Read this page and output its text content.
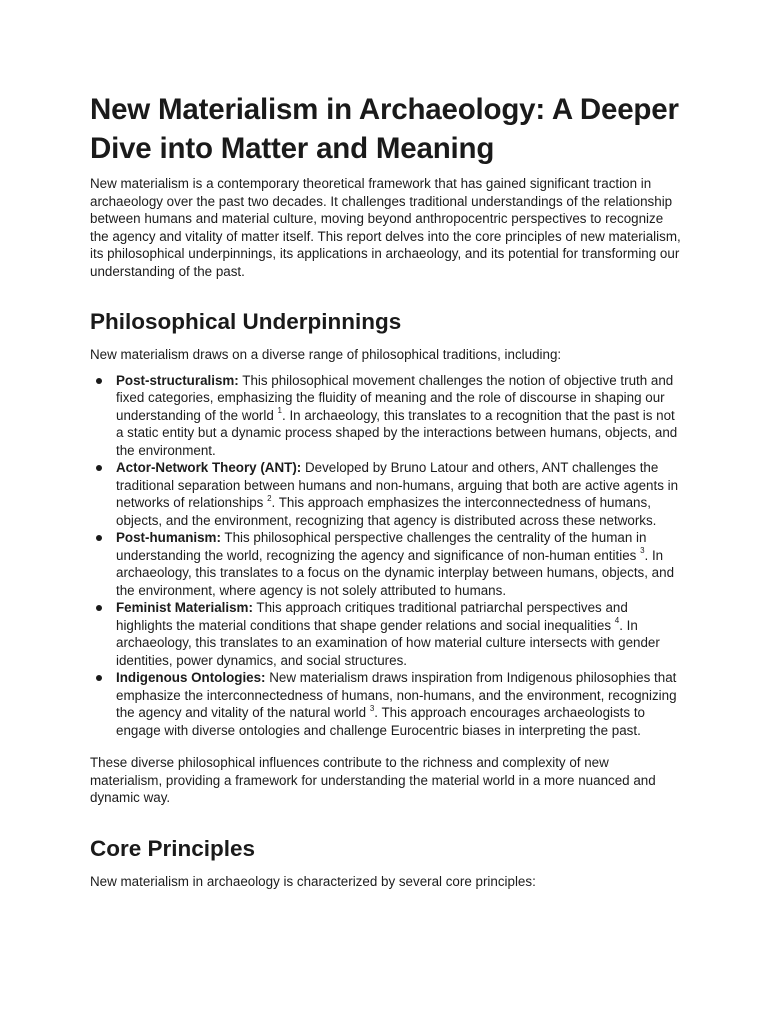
New Materialism in Archaeology: A Deeper Dive into Matter and Meaning

New materialism is a contemporary theoretical framework that has gained significant traction in archaeology over the past two decades. It challenges traditional understandings of the relationship between humans and material culture, moving beyond anthropocentric perspectives to recognize the agency and vitality of matter itself. This report delves into the core principles of new materialism, its philosophical underpinnings, its applications in archaeology, and its potential for transforming our understanding of the past.

Philosophical Underpinnings

New materialism draws on a diverse range of philosophical traditions, including:

Post-structuralism: This philosophical movement challenges the notion of objective truth and fixed categories, emphasizing the fluidity of meaning and the role of discourse in shaping our understanding of the world $^1$. In archaeology, this translates to a recognition that the past is not a static entity but a dynamic process shaped by the interactions between humans, objects, and the environment.
Actor-Network Theory (ANT): Developed by Bruno Latour and others, ANT challenges the traditional separation between humans and non-humans, arguing that both are active agents in networks of relationships $^2$. This approach emphasizes the interconnectedness of humans, objects, and the environment, recognizing that agency is distributed across these networks.
Post-humanism: This philosophical perspective challenges the centrality of the human in understanding the world, recognizing the agency and significance of non-human entities $^3$. In archaeology, this translates to a focus on the dynamic interplay between humans, objects, and the environment, where agency is not solely attributed to humans.
Feminist Materialism: This approach critiques traditional patriarchal perspectives and highlights the material conditions that shape gender relations and social inequalities $^4$. In archaeology, this translates to an examination of how material culture intersects with gender identities, power dynamics, and social structures.
Indigenous Ontologies: New materialism draws inspiration from Indigenous philosophies that emphasize the interconnectedness of humans, non-humans, and the environment, recognizing the agency and vitality of the natural world $^3$. This approach encourages archaeologists to engage with diverse ontologies and challenge Eurocentric biases in interpreting the past.

These diverse philosophical influences contribute to the richness and complexity of new materialism, providing a framework for understanding the material world in a more nuanced and dynamic way.

Core Principles

New materialism in archaeology is characterized by several core principles:
